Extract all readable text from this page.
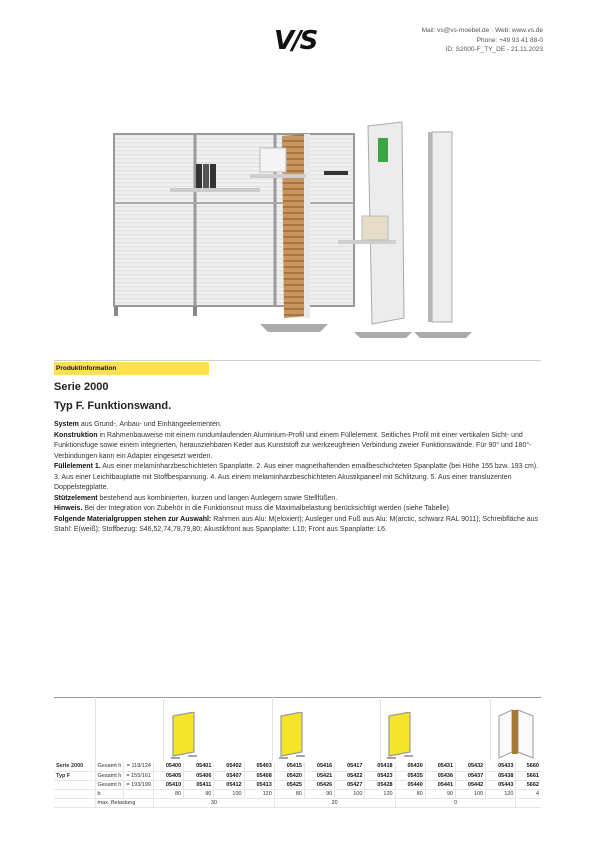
V/S	Mail: vs@vs-moebel.de · Web: www.vs.de
Phone: +49 93 41 88-0
ID: S2000-F_TY_DE - 21.11.2023
Produktinformation
Serie 2000
Typ F. Funktionswand.
System aus Grund-, Anbau- und Einhängeelementen.
Konstruktion in Rahmenbauweise mit einem rundumlaufenden Aluminium-Profil und einem Füllelement. Seitliches Profil mit einer vertikalen Sicht- und Funktionsfuge sowie einem integrierten, herausziehbaren Keder aus Kunststoff zur werkzeugfreien Verbindung zweier Funktionswände. Für 90° und 180°-Verbindungen kann ein Adapter eingesetzt werden.
Füllelement 1. Aus einer melaminharzbeschichteten Spanplatte. 2. Aus einer magnethaftenden emailbeschichteten Spanplatte (bei Höhe 155 bzw. 193 cm). 3. Aus einer Leichtbauplatte mit Stoffbespannung. 4. Aus einem melaminharzbeschichteten Akustikpaneel mit Schlitzung. 5. Aus einer transluzenten Doppelstegplatte.
Stützelement bestehend aus kombinierten, kurzen und langen Auslegern sowie Stellfüßen.
Hinweis. Bei der Integration von Zubehör in die Funktionsnut muss die Maximalbelastung berücksichtigt werden (siehe Tabelle).
Folgende Materialgruppen stehen zur Auswahl: Rahmen aus Alu: M(eloxiert); Ausleger und Fuß aus Alu: M(arctic, schwarz RAL 9011); Schreibfläche aus Stahl: E(weiß); Stoffbezug: S46,52,74,78,79,80; Akustikfront aus Spanplatte: L10; Front aus Spanplatte: L6.
Serie 2000	Gesamt h	= 118/124	05400	05401	05402	05403	05415	05416	05417	05418	05430	05431	05432	05433	5660
Typ F	Gesamt h	= 155/161	05405	05406	05407	05408	05420	05421	05422	05423	05435	05436	05437	05438	5661
	Gesamt h	= 193/199	05410	05411	05412	05413	05425	05426	05427	05428	05440	05441	05442	05443	5662
	b		80	90	100	120	80	90	100	120	80	90	100	120	4
	max. Belastung		30				20				0				
